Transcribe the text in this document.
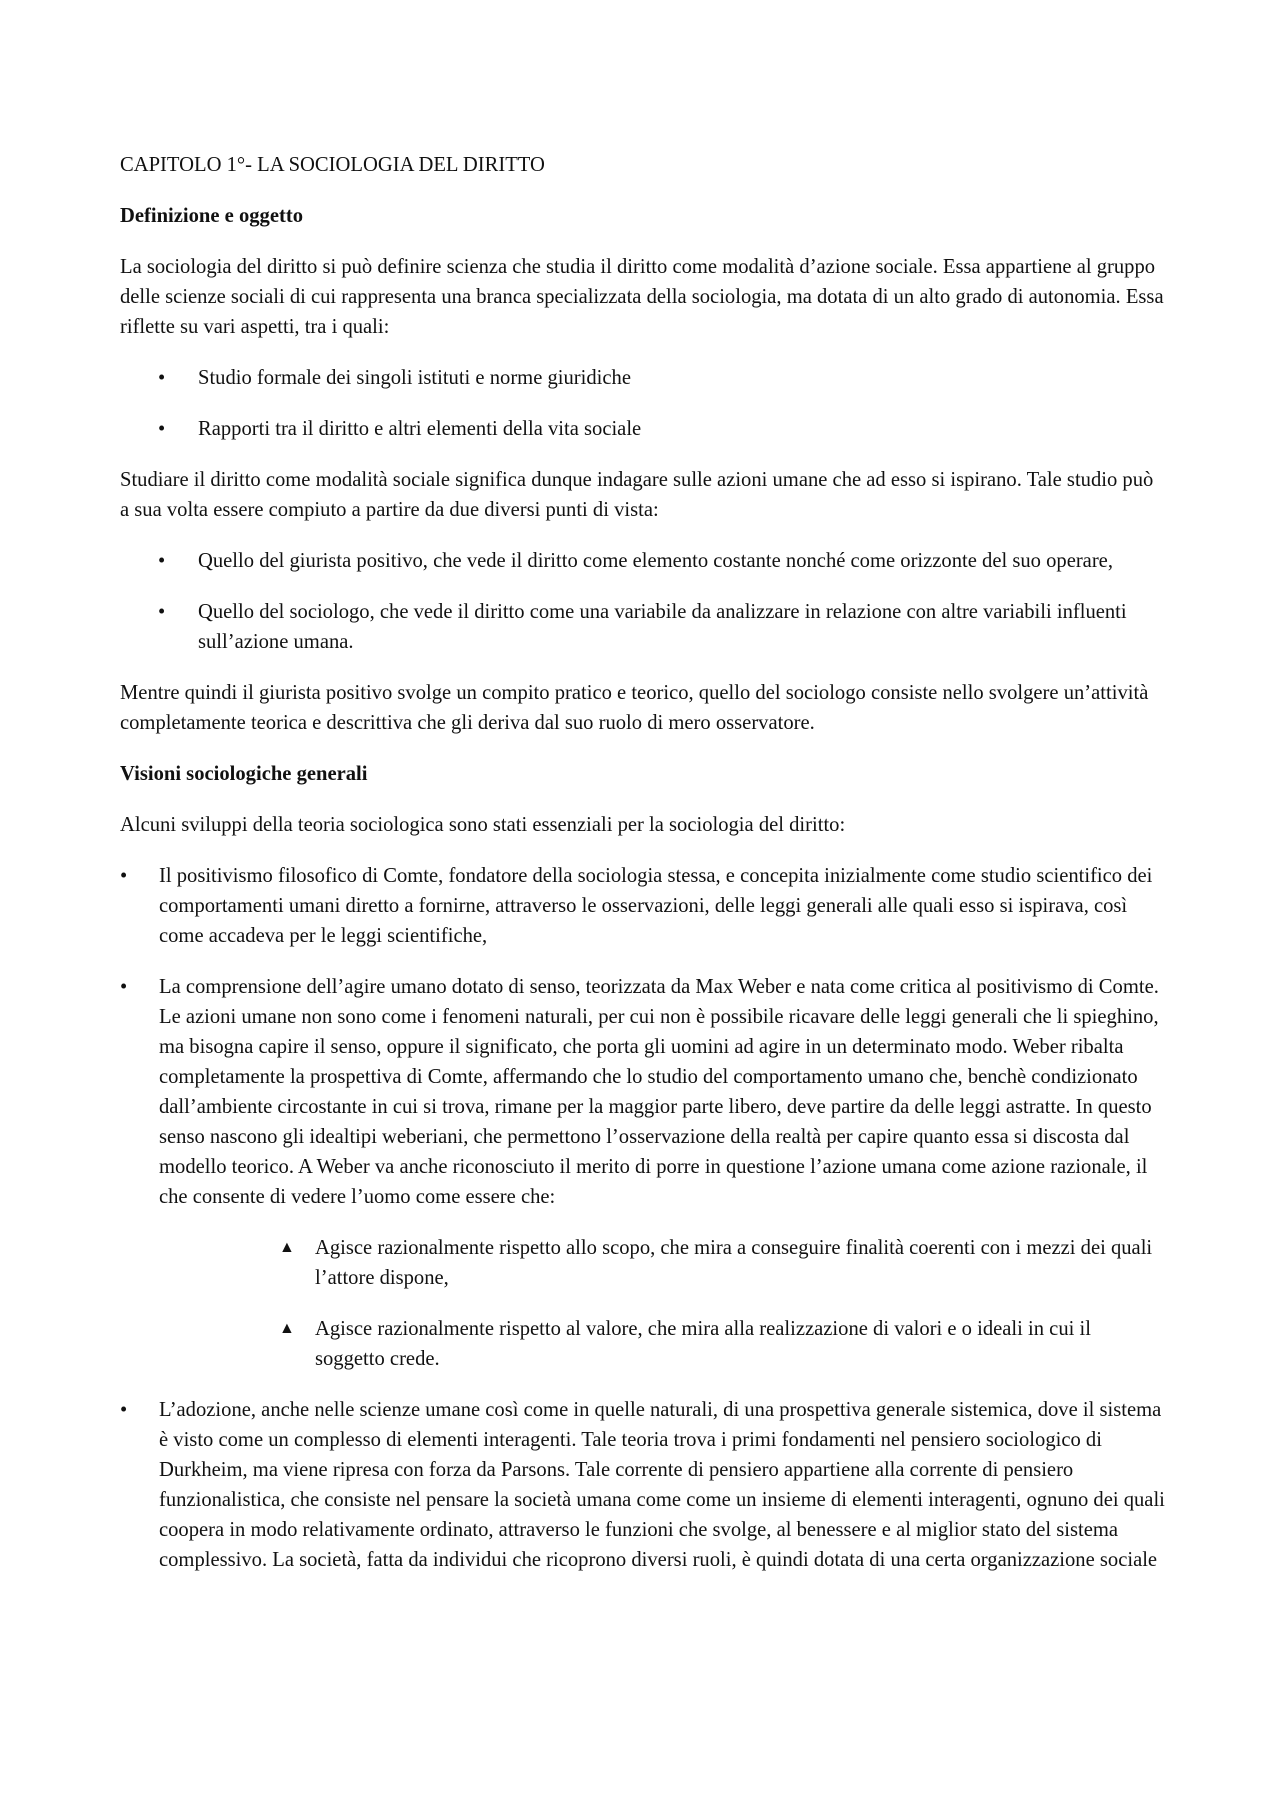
CAPITOLO 1°- LA SOCIOLOGIA DEL DIRITTO

Definizione e oggetto

La sociologia del diritto si può definire scienza che studia il diritto come modalità d’azione sociale. Essa appartiene al gruppo delle scienze sociali di cui rappresenta una branca specializzata della sociologia, ma dotata di un alto grado di autonomia. Essa riflette su vari aspetti, tra i quali:

• Studio formale dei singoli istituti e norme giuridiche
• Rapporti tra il diritto e altri elementi della vita sociale

Studiare il diritto come modalità sociale significa dunque indagare sulle azioni umane che ad esso si ispirano. Tale studio può a sua volta essere compiuto a partire da due diversi punti di vista:

• Quello del giurista positivo, che vede il diritto come elemento costante nonché come orizzonte del suo operare,
• Quello del sociologo, che vede il diritto come una variabile da analizzare in relazione con altre variabili influenti sull’azione umana.

Mentre quindi il giurista positivo svolge un compito pratico e teorico, quello del sociologo consiste nello svolgere un’attività completamente teorica e descrittiva che gli deriva dal suo ruolo di mero osservatore.

Visioni sociologiche generali

Alcuni sviluppi della teoria sociologica sono stati essenziali per la sociologia del diritto:

• Il positivismo filosofico di Comte, fondatore della sociologia stessa, e concepita inizialmente come studio scientifico dei comportamenti umani diretto a fornirne, attraverso le osservazioni, delle leggi generali alle quali esso si ispirava, così come accadeva per le leggi scientifiche,
• La comprensione dell’agire umano dotato di senso, teorizzata da Max Weber e nata come critica al positivismo di Comte. Le azioni umane non sono come i fenomeni naturali, per cui non è possibile ricavare delle leggi generali che li spieghino, ma bisogna capire il senso, oppure il significato, che porta gli uomini ad agire in un determinato modo. Weber ribalta completamente la prospettiva di Comte, affermando che lo studio del comportamento umano che, benchè condizionato dall’ambiente circostante in cui si trova, rimane per la maggior parte libero, deve partire da delle leggi astratte. In questo senso nascono gli idealtipi weberiani, che permettono l’osservazione della realtà per capire quanto essa si discosta dal modello teorico. A Weber va anche riconosciuto il merito di porre in questione l’azione umana come azione razionale, il che consente di vedere l’uomo come essere che:
▲ Agisce razionalmente rispetto allo scopo, che mira a conseguire finalità coerenti con i mezzi dei quali l’attore dispone,
▲ Agisce razionalmente rispetto al valore, che mira alla realizzazione di valori e o ideali in cui il soggetto crede.
• L’adozione, anche nelle scienze umane così come in quelle naturali, di una prospettiva generale sistemica, dove il sistema è visto come un complesso di elementi interagenti. Tale teoria trova i primi fondamenti nel pensiero sociologico di Durkheim, ma viene ripresa con forza da Parsons. Tale corrente di pensiero appartiene alla corrente di pensiero funzionalistica, che consiste nel pensare la società umana come come un insieme di elementi interagenti, ognuno dei quali coopera in modo relativamente ordinato, attraverso le funzioni che svolge, al benessere e al miglior stato del sistema complessivo. La società, fatta da individui che ricoprono diversi ruoli, è quindi dotata di una certa organizzazione sociale
